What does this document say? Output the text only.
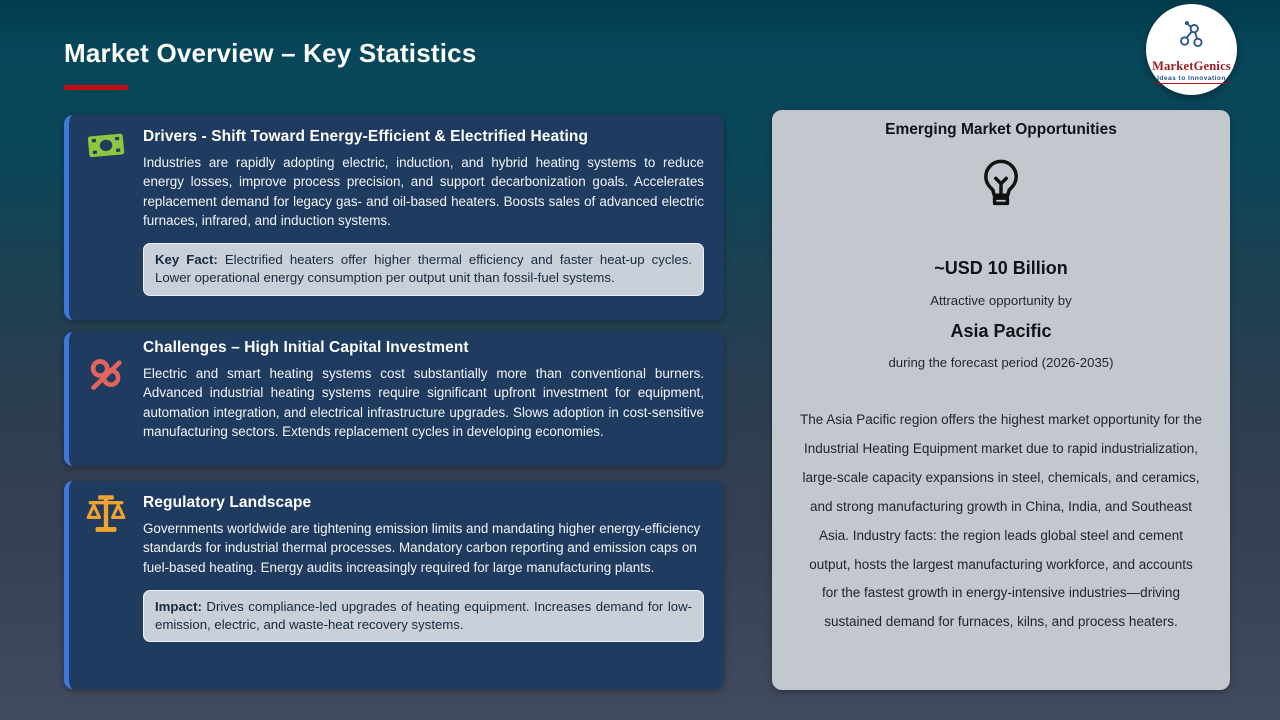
Market Overview – Key Statistics	MarketGenics
Ideas to Innovation
Drivers - Shift Toward Energy-Efficient & Electrified Heating
Industries are rapidly adopting electric, induction, and hybrid heating systems to reduce energy losses, improve process precision, and support decarbonization goals. Accelerates replacement demand for legacy gas- and oil-based heaters. Boosts sales of advanced electric furnaces, infrared, and induction systems.
Key Fact: Electrified heaters offer higher thermal efficiency and faster heat-up cycles. Lower operational energy consumption per output unit than fossil-fuel systems.
Challenges – High Initial Capital Investment
Electric and smart heating systems cost substantially more than conventional burners. Advanced industrial heating systems require significant upfront investment for equipment, automation integration, and electrical infrastructure upgrades. Slows adoption in cost-sensitive manufacturing sectors. Extends replacement cycles in developing economies.
Regulatory Landscape
Governments worldwide are tightening emission limits and mandating higher energy-efficiency standards for industrial thermal processes. Mandatory carbon reporting and emission caps on fuel-based heating. Energy audits increasingly required for large manufacturing plants.
Impact: Drives compliance-led upgrades of heating equipment. Increases demand for low-emission, electric, and waste-heat recovery systems.
Emerging Market Opportunities
~USD 10 Billion
Attractive opportunity by
Asia Pacific
during the forecast period (2026-2035)
The Asia Pacific region offers the highest market opportunity for the Industrial Heating Equipment market due to rapid industrialization, large-scale capacity expansions in steel, chemicals, and ceramics, and strong manufacturing growth in China, India, and Southeast Asia. Industry facts: the region leads global steel and cement output, hosts the largest manufacturing workforce, and accounts for the fastest growth in energy-intensive industries—driving sustained demand for furnaces, kilns, and process heaters.
